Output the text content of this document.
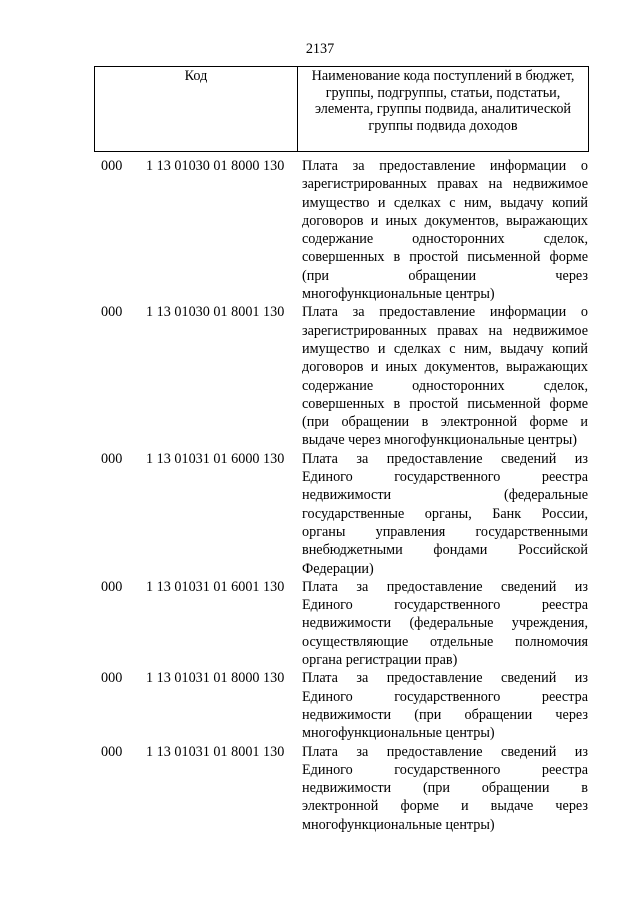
2137
Код	Наименование кода поступлений в бюджет, группы, подгруппы, статьи, подстатьи, элемента, группы подвида, аналитической группы подвида доходов
000 1 13 01030 01 8000 130 Плата за предоставление информации о
зарегистрированных правах на недвижимое
имущество и сделках с ним, выдачу копий
договоров и иных документов, выражающих
содержание односторонних сделок,
совершенных в простой письменной форме
(при обращении через
многофункциональные центры)
000 1 13 01030 01 8001 130 Плата за предоставление информации о
зарегистрированных правах на недвижимое
имущество и сделках с ним, выдачу копий
договоров и иных документов, выражающих
содержание односторонних сделок,
совершенных в простой письменной форме
(при обращении в электронной форме и
выдаче через многофункциональные центры)
000 1 13 01031 01 6000 130 Плата за предоставление сведений из
Единого государственного реестра
недвижимости (федеральные
государственные органы, Банк России,
органы управления государственными
внебюджетными фондами Российской
Федерации)
000 1 13 01031 01 6001 130 Плата за предоставление сведений из
Единого государственного реестра
недвижимости (федеральные учреждения,
осуществляющие отдельные полномочия
органа регистрации прав)
000 1 13 01031 01 8000 130 Плата за предоставление сведений из
Единого государственного реестра
недвижимости (при обращении через
многофункциональные центры)
000 1 13 01031 01 8001 130 Плата за предоставление сведений из
Единого государственного реестра
недвижимости (при обращении в
электронной форме и выдаче через
многофункциональные центры)
